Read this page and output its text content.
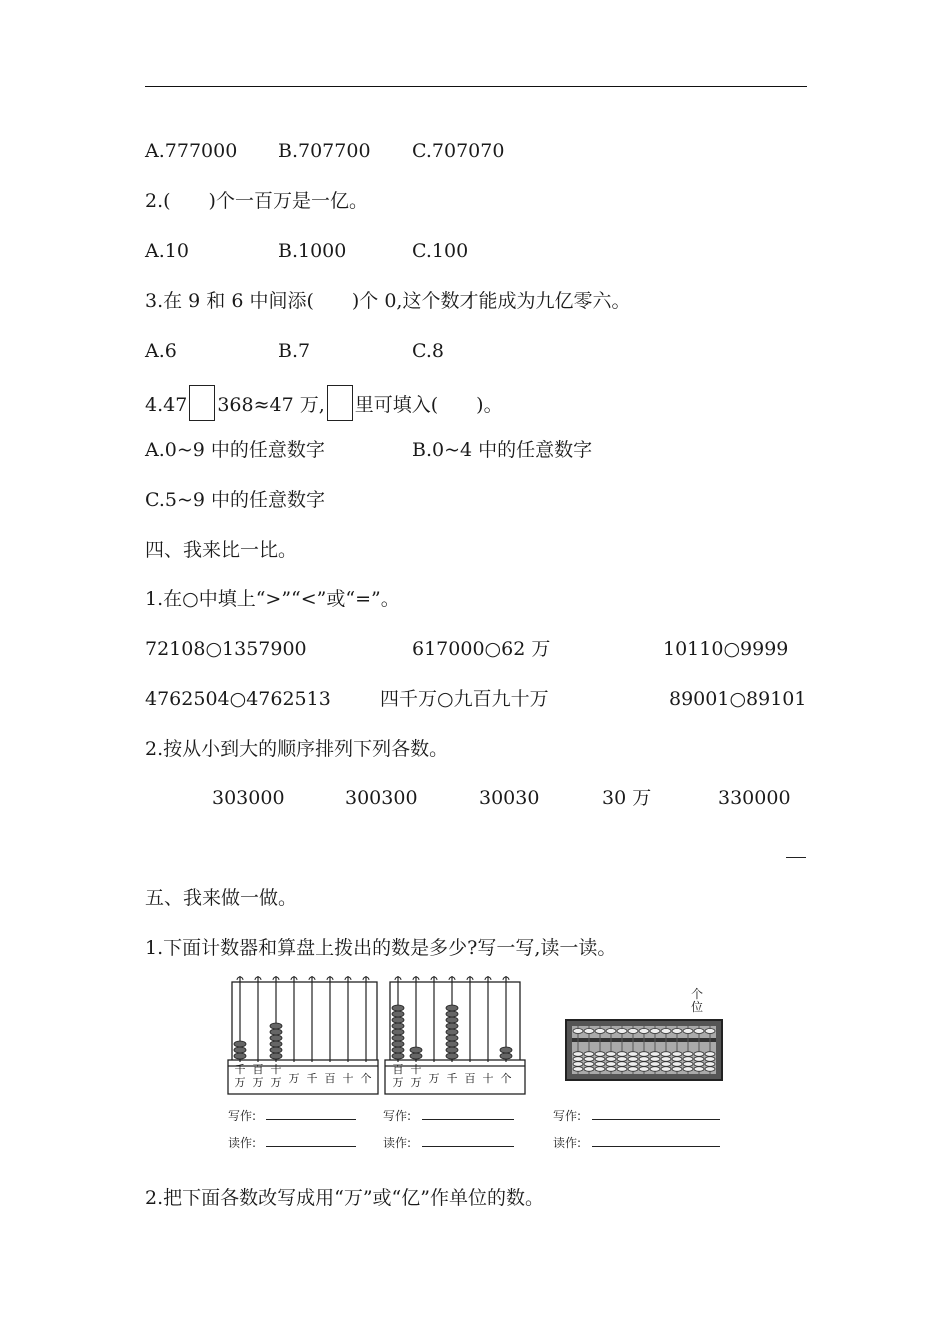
A.777000 B.707700 C.707070
2.(　　)个一百万是一亿。
A.10	B.1000	C.100
3.在 9 和 6 中间添(　　)个 0,这个数才能成为九亿零六。
A.6	B.7	C.8
4.47 368≈47 万, 里可填入(　　)。
A.0~9 中的任意数字	B.0~4 中的任意数字
C.5~9 中的任意数字
四、我来比一比。
1.在○中填上“>”“<”或“=”。
72108○1357900	617000○62 万	10110○9999
4762504○4762513	四千万○九百九十万	89001○89101
2.按从小到大的顺序排列下列各数。
303000	300300	30030	30 万	330000
五、我来做一做。
1.下面计数器和算盘上拨出的数是多少?写一写,读一读。
千
万
百
万
十
万 万 千 百 十 个
百
万
十
万 万 千 百 十 个
个
位
写作:
读作:
写作:
读作:
写作:
读作:
2.把下面各数改写成用“万”或“亿”作单位的数。
